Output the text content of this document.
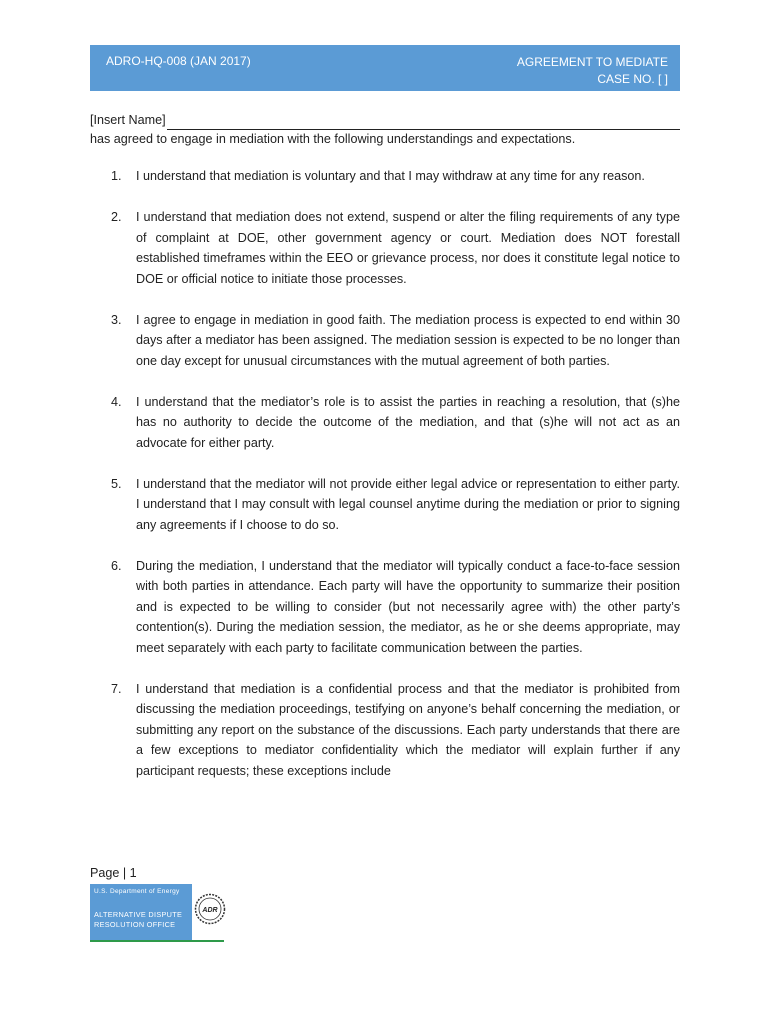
ADRO-HQ-008 (JAN 2017)	AGREEMENT TO MEDIATE
CASE NO. [ ]
[Insert Name]
has agreed to engage in mediation with the following understandings and expectations.
1. I understand that mediation is voluntary and that I may withdraw at any time for any reason.
2. I understand that mediation does not extend, suspend or alter the filing requirements of any type of complaint at DOE, other government agency or court. Mediation does NOT forestall established timeframes within the EEO or grievance process, nor does it constitute legal notice to DOE or official notice to initiate those processes.
3. I agree to engage in mediation in good faith. The mediation process is expected to end within 30 days after a mediator has been assigned. The mediation session is expected to be no longer than one day except for unusual circumstances with the mutual agreement of both parties.
4. I understand that the mediator’s role is to assist the parties in reaching a resolution, that (s)he has no authority to decide the outcome of the mediation, and that (s)he will not act as an advocate for either party.
5. I understand that the mediator will not provide either legal advice or representation to either party. I understand that I may consult with legal counsel anytime during the mediation or prior to signing any agreements if I choose to do so.
6. During the mediation, I understand that the mediator will typically conduct a face-to-face session with both parties in attendance. Each party will have the opportunity to summarize their position and is expected to be willing to consider (but not necessarily agree with) the other party’s contention(s). During the mediation session, the mediator, as he or she deems appropriate, may meet separately with each party to facilitate communication between the parties.
7. I understand that mediation is a confidential process and that the mediator is prohibited from discussing the mediation proceedings, testifying on anyone’s behalf concerning the mediation, or submitting any report on the substance of the discussions. Each party understands that there are a few exceptions to mediator confidentiality which the mediator will explain further if any participant requests; these exceptions include
Page | 1
U.S. Department of Energy
ALTERNATIVE DISPUTE
RESOLUTION OFFICE
ADR
